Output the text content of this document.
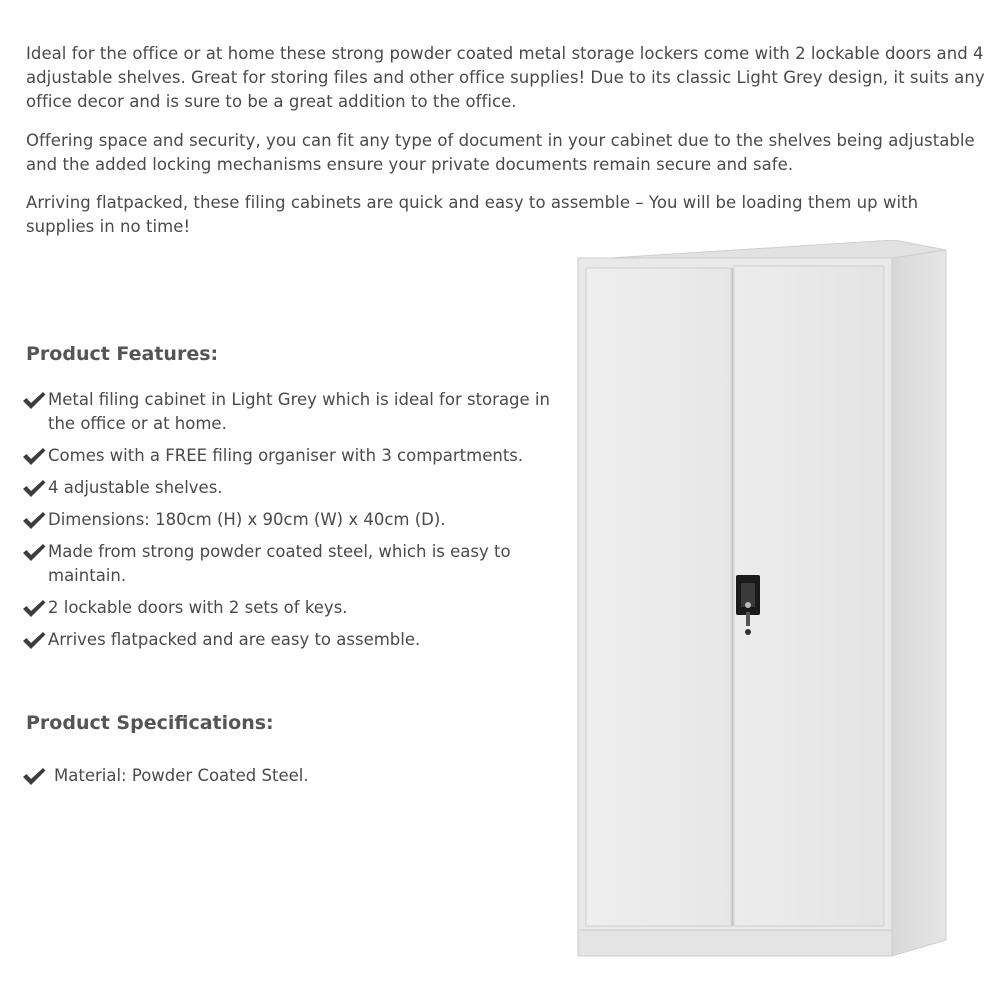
Ideal for the office or at home these strong powder coated metal storage lockers come with 2 lockable doors and 4 adjustable shelves. Great for storing files and other office supplies! Due to its classic Light Grey design, it suits any office decor and is sure to be a great addition to the office.

Offering space and security, you can fit any type of document in your cabinet due to the shelves being adjustable and the added locking mechanisms ensure your private documents remain secure and safe.

Arriving flatpacked, these filing cabinets are quick and easy to assemble – You will be loading them up with supplies in no time!

Product Features:
Metal filing cabinet in Light Grey which is ideal for storage in the office or at home.
Comes with a FREE filing organiser with 3 compartments.
4 adjustable shelves.
Dimensions: 180cm (H) x 90cm (W) x 40cm (D).
Made from strong powder coated steel, which is easy to maintain.
2 lockable doors with 2 sets of keys.
Arrives flatpacked and are easy to assemble.
Product Specifications:
Material: Powder Coated Steel.
